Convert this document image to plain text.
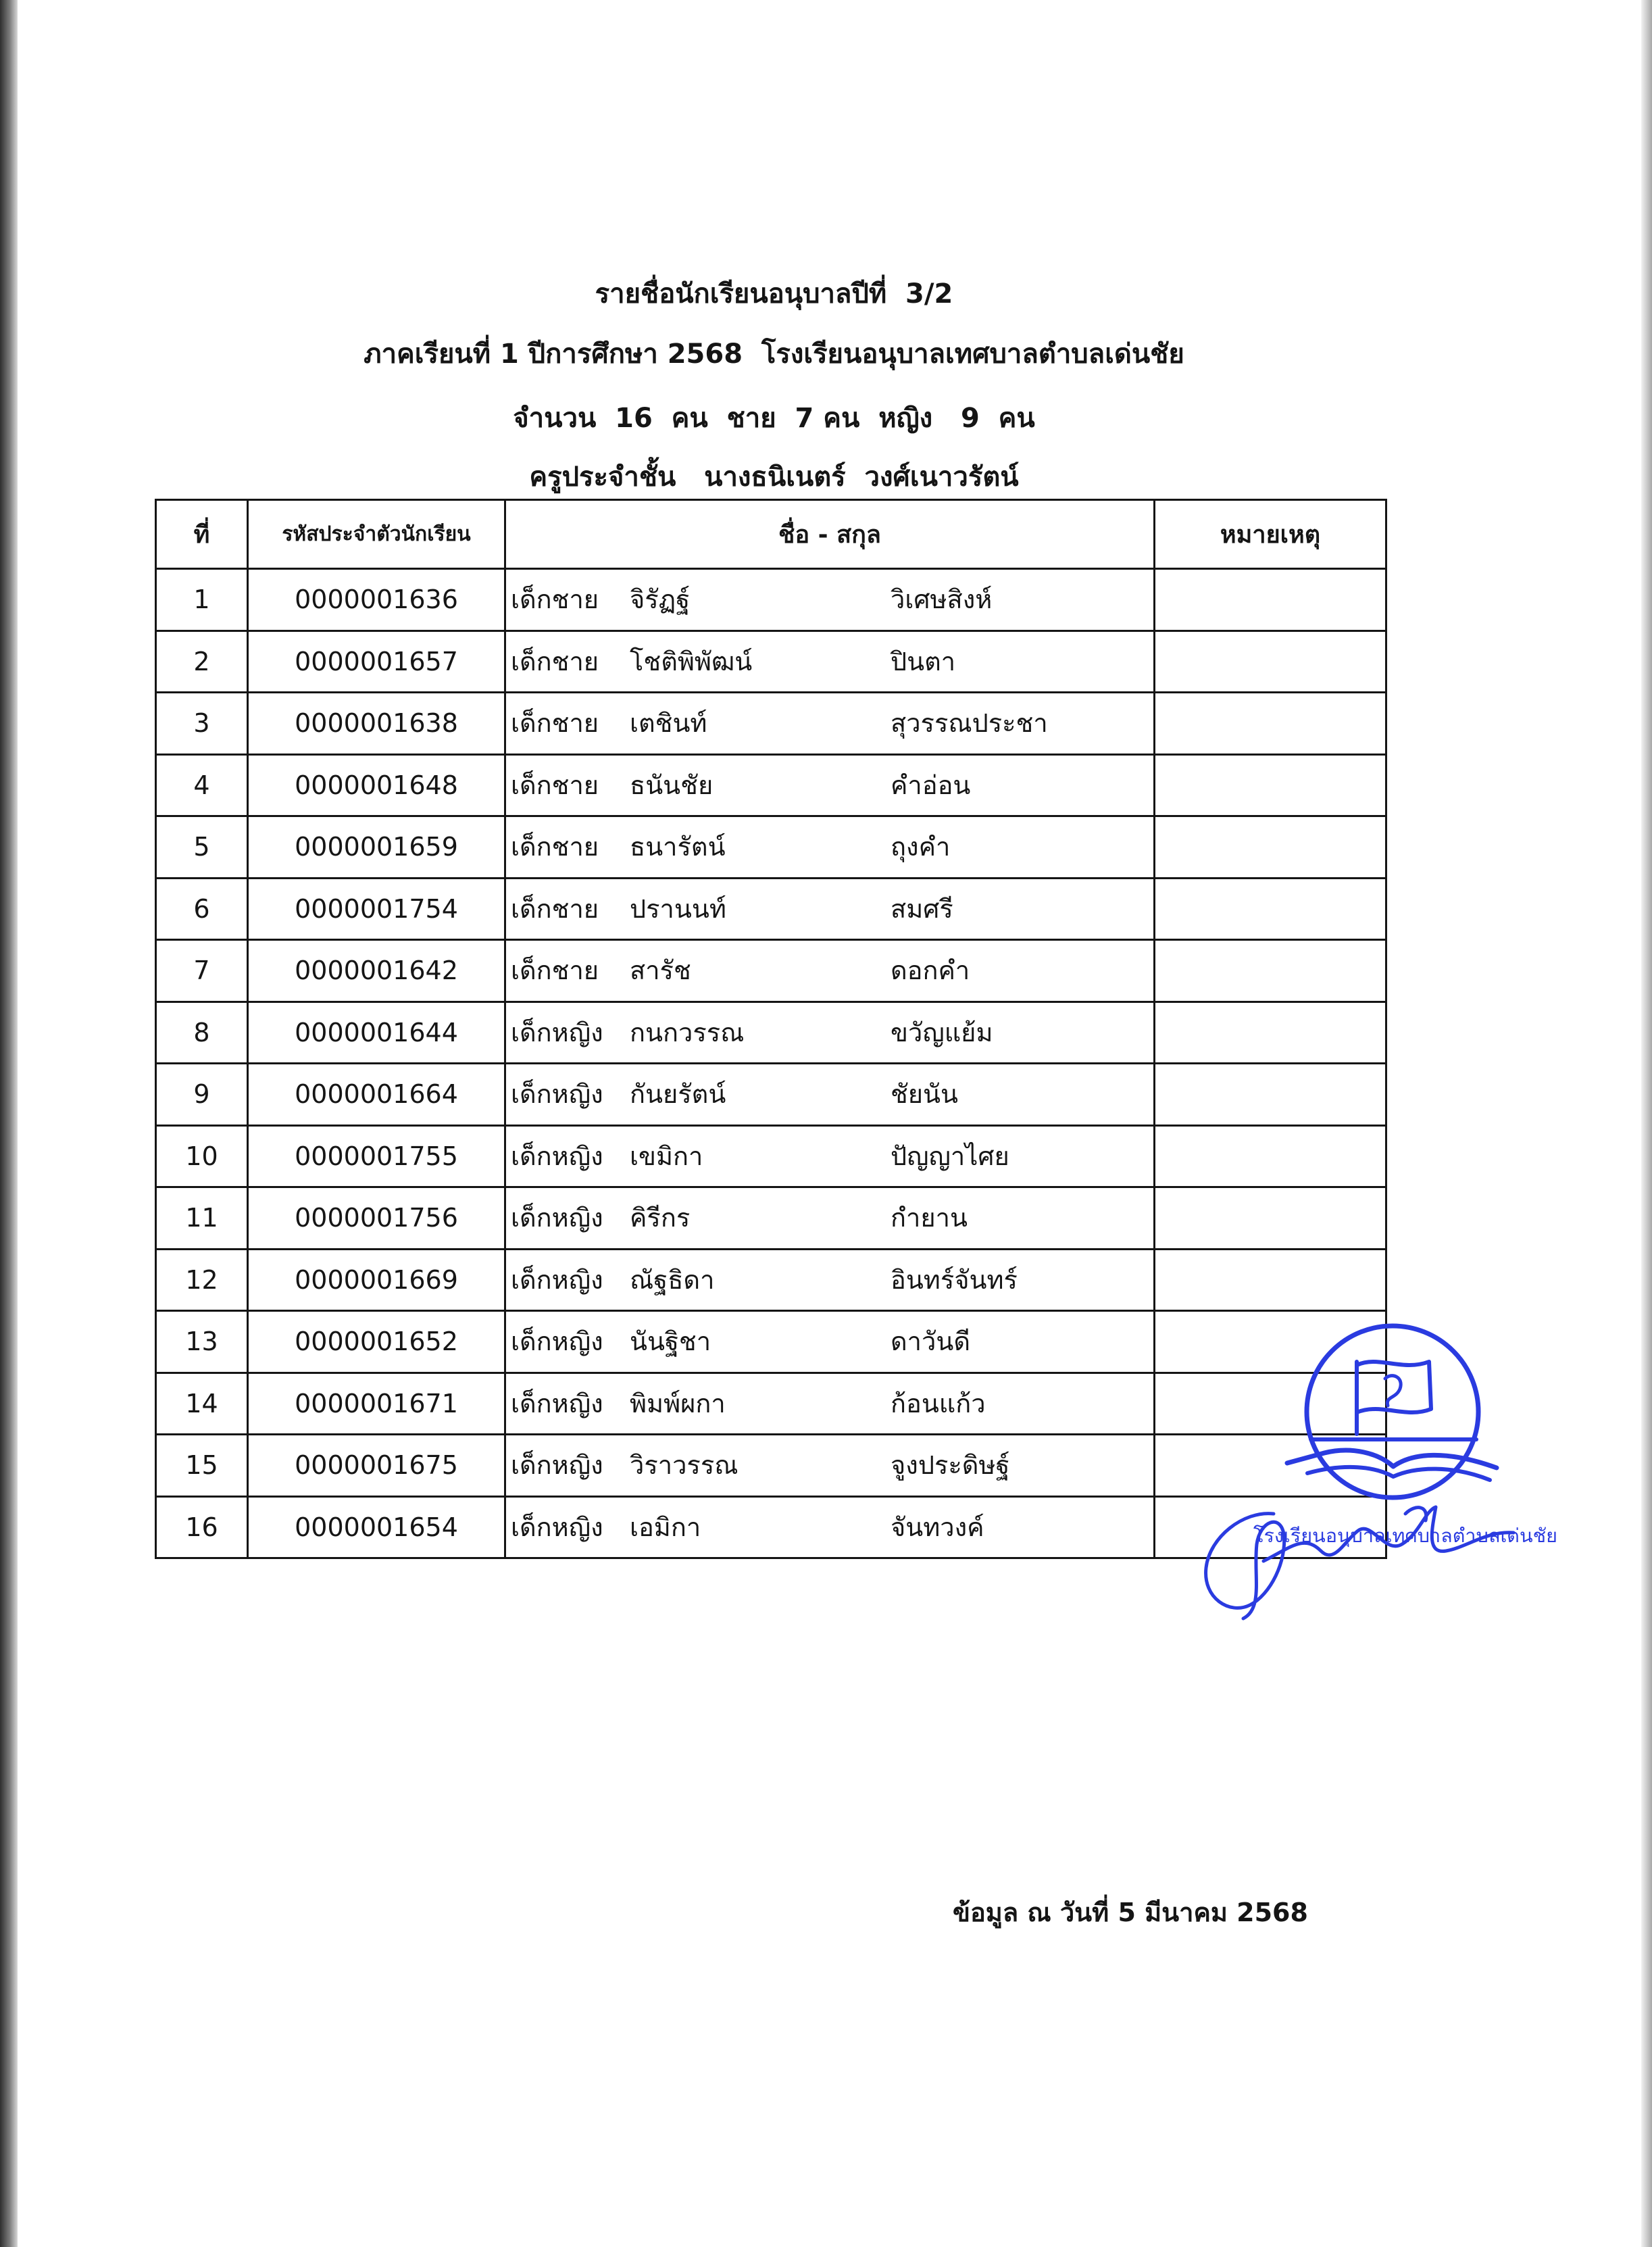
รายชื่อนักเรียนอนุบาลปีที่  3/2
ภาคเรียนที่ 1 ปีการศึกษา 2568  โรงเรียนอนุบาลเทศบาลตำบลเด่นชัย
จำนวน  16  คน  ชาย  7 คน  หญิง   9  คน
ครูประจำชั้น   นางธนิเนตร์  วงศ์เนาวรัตน์
ที่	รหัสประจำตัวนักเรียน	ชื่อ - สกุล	หมายเหตุ
1	0000001636	เด็กชาย จิรัฏฐ์ วิเศษสิงห์	

2	0000001657	เด็กชาย โชติพิพัฒน์ ปินตา	

3	0000001638	เด็กชาย เตชินท์ สุวรรณประชา	

4	0000001648	เด็กชาย ธนันชัย คำอ่อน	

5	0000001659	เด็กชาย ธนารัตน์ ถุงคำ	

6	0000001754	เด็กชาย ปรานนท์ สมศรี	

7	0000001642	เด็กชาย สารัช ดอกคำ	

8	0000001644	เด็กหญิง กนกวรรณ ขวัญแย้ม	

9	0000001664	เด็กหญิง กันยรัตน์ ชัยนัน	

10	0000001755	เด็กหญิง เขมิกา ปัญญาไศย	

11	0000001756	เด็กหญิง คิรีกร กำยาน	

12	0000001669	เด็กหญิง ณัฐธิดา อินทร์จันทร์	

13	0000001652	เด็กหญิง นันฐิชา ดาวันดี	

14	0000001671	เด็กหญิง พิมพ์ผกา ก้อนแก้ว	

15	0000001675	เด็กหญิง วิราวรรณ จูงประดิษฐ์	

16	0000001654	เด็กหญิง เอมิกา จันทวงค์	

ข้อมูล ณ วันที่ 5 มีนาคม 2568
โรงเรียนอนุบาลเทศบาลตำบลเด่นชัย
